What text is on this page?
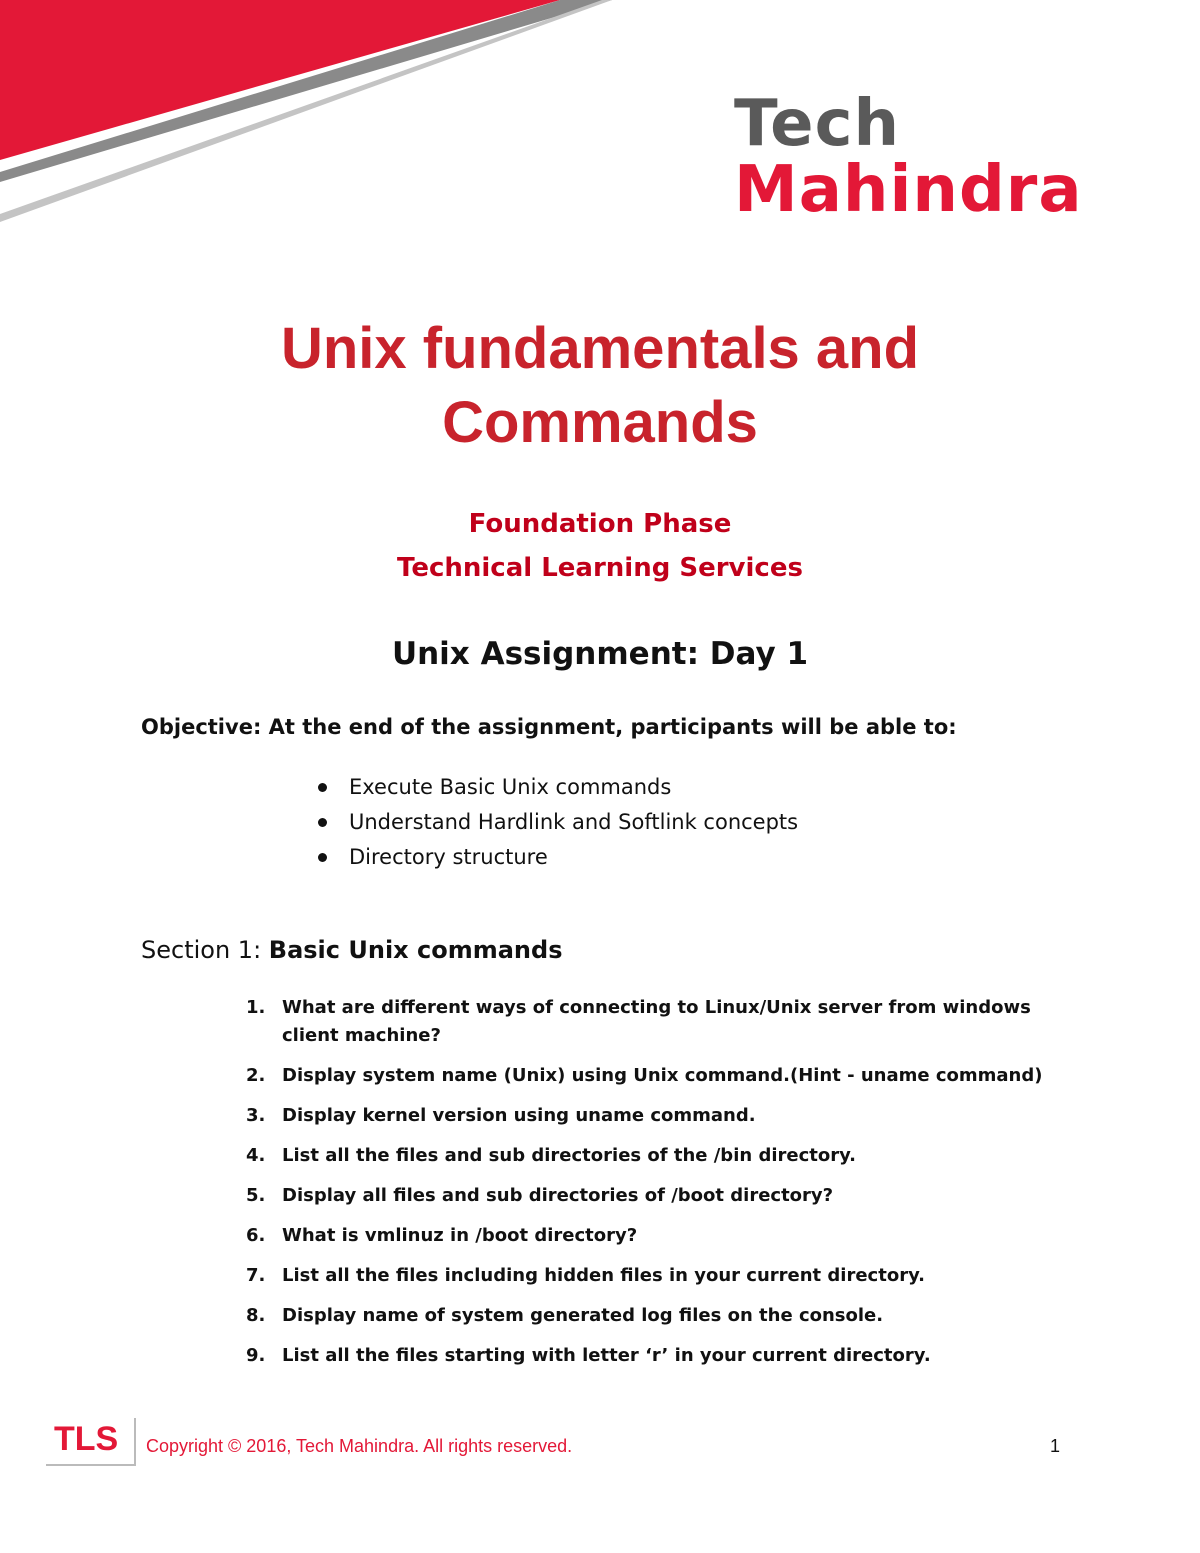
Tech
Mahindra
Unix fundamentals and
Commands
Foundation Phase
Technical Learning Services
Unix Assignment: Day 1
Objective: At the end of the assignment, participants will be able to:
Execute Basic Unix commands
Understand Hardlink and Softlink concepts
Directory structure
Section 1: Basic Unix commands
1. What are different ways of connecting to Linux/Unix server from windows client machine?
2. Display system name (Unix) using Unix command.(Hint - uname command)
3. Display kernel version using uname command.
4. List all the files and sub directories of the /bin directory.
5. Display all files and sub directories of /boot directory?
6. What is vmlinuz in /boot directory?
7. List all the files including hidden files in your current directory.
8. Display name of system generated log files on the console.
9. List all the files starting with letter ‘r’ in your current directory.
TLS Copyright © 2016, Tech Mahindra. All rights reserved.	1
